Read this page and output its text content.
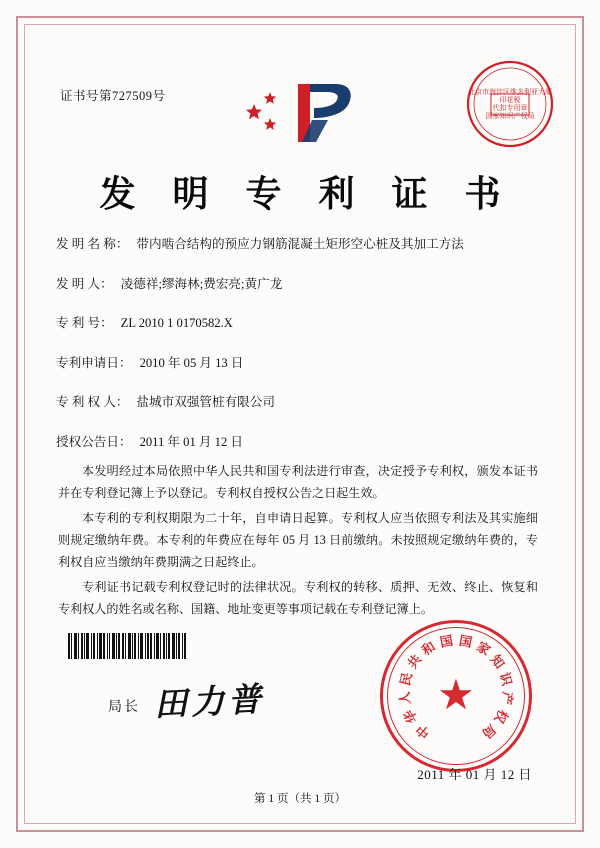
证书号第727509号	北京市海淀区维多利亚大厦
印花税
代扣专用章
国家知识产权局
发 明 专 利 证 书
发 明 名 称： 带内啮合结构的预应力钢筋混凝土矩形空心桩及其加工方法
发 明 人： 凌德祥;缪海林;费宏亮;黄广龙
专 利 号： ZL 2010 1 0170582.X
专利申请日： 2010 年 05 月 13 日
专 利 权 人： 盐城市双强管桩有限公司
授权公告日： 2011 年 01 月 12 日

本发明经过本局依照中华人民共和国专利法进行审查，决定授予专利权，颁发本证书并在专利登记簿上予以登记。专利权自授权公告之日起生效。

本专利的专利权期限为二十年，自申请日起算。专利权人应当依照专利法及其实施细则规定缴纳年费。本专利的年费应在每年 05 月 13 日前缴纳。未按照规定缴纳年费的，专利权自应当缴纳年费期满之日起终止。

专利证书记载专利权登记时的法律状况。专利权的转移、质押、无效、终止、恢复和专利权人的姓名或名称、国籍、地址变更等事项记载在专利登记簿上。

局长 田力普	★
中
华
人
民
共
和 国 国 家
知
识
产
权
局
2011 年 01 月 12 日
第 1 页（共 1 页）
